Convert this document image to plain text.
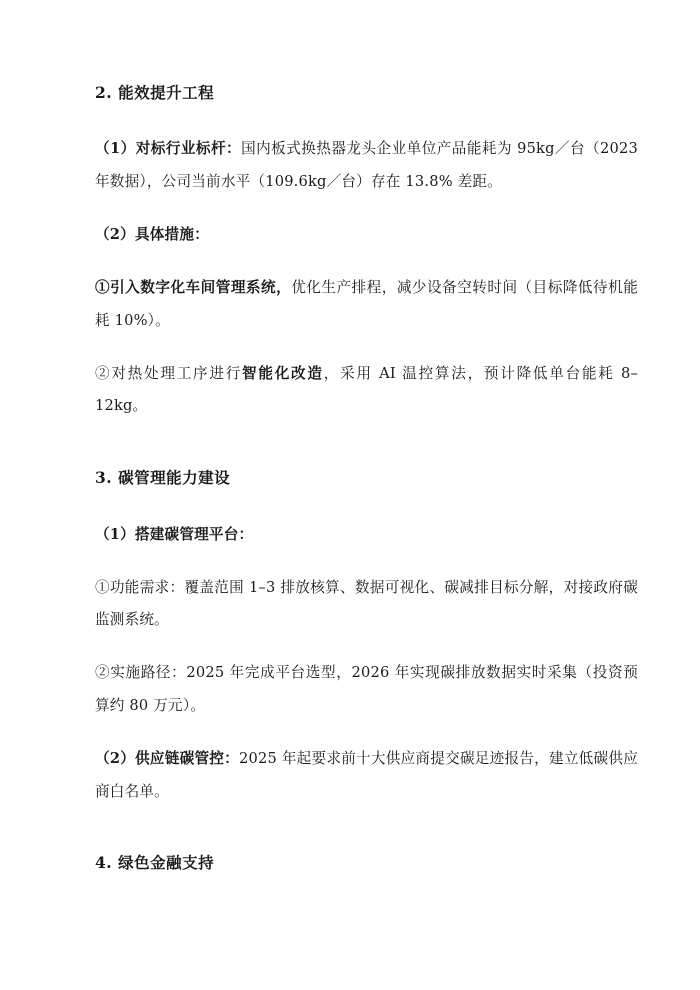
2. 能效提升工程

（1）对标行业标杆：国内板式换热器龙头企业单位产品能耗为 95kg／台（2023 年数据），公司当前水平（109.6kg／台）存在 13.8% 差距。

（2）具体措施：

①引入数字化车间管理系统，优化生产排程，减少设备空转时间（目标降低待机能耗 10%）。

②对热处理工序进行智能化改造，采用 AI 温控算法，预计降低单台能耗 8–12kg。

3. 碳管理能力建设

（1）搭建碳管理平台：

①功能需求：覆盖范围 1–3 排放核算、数据可视化、碳减排目标分解，对接政府碳监测系统。

②实施路径：2025 年完成平台选型，2026 年实现碳排放数据实时采集（投资预算约 80 万元）。

（2）供应链碳管控：2025 年起要求前十大供应商提交碳足迹报告，建立低碳供应商白名单。

4. 绿色金融支持
